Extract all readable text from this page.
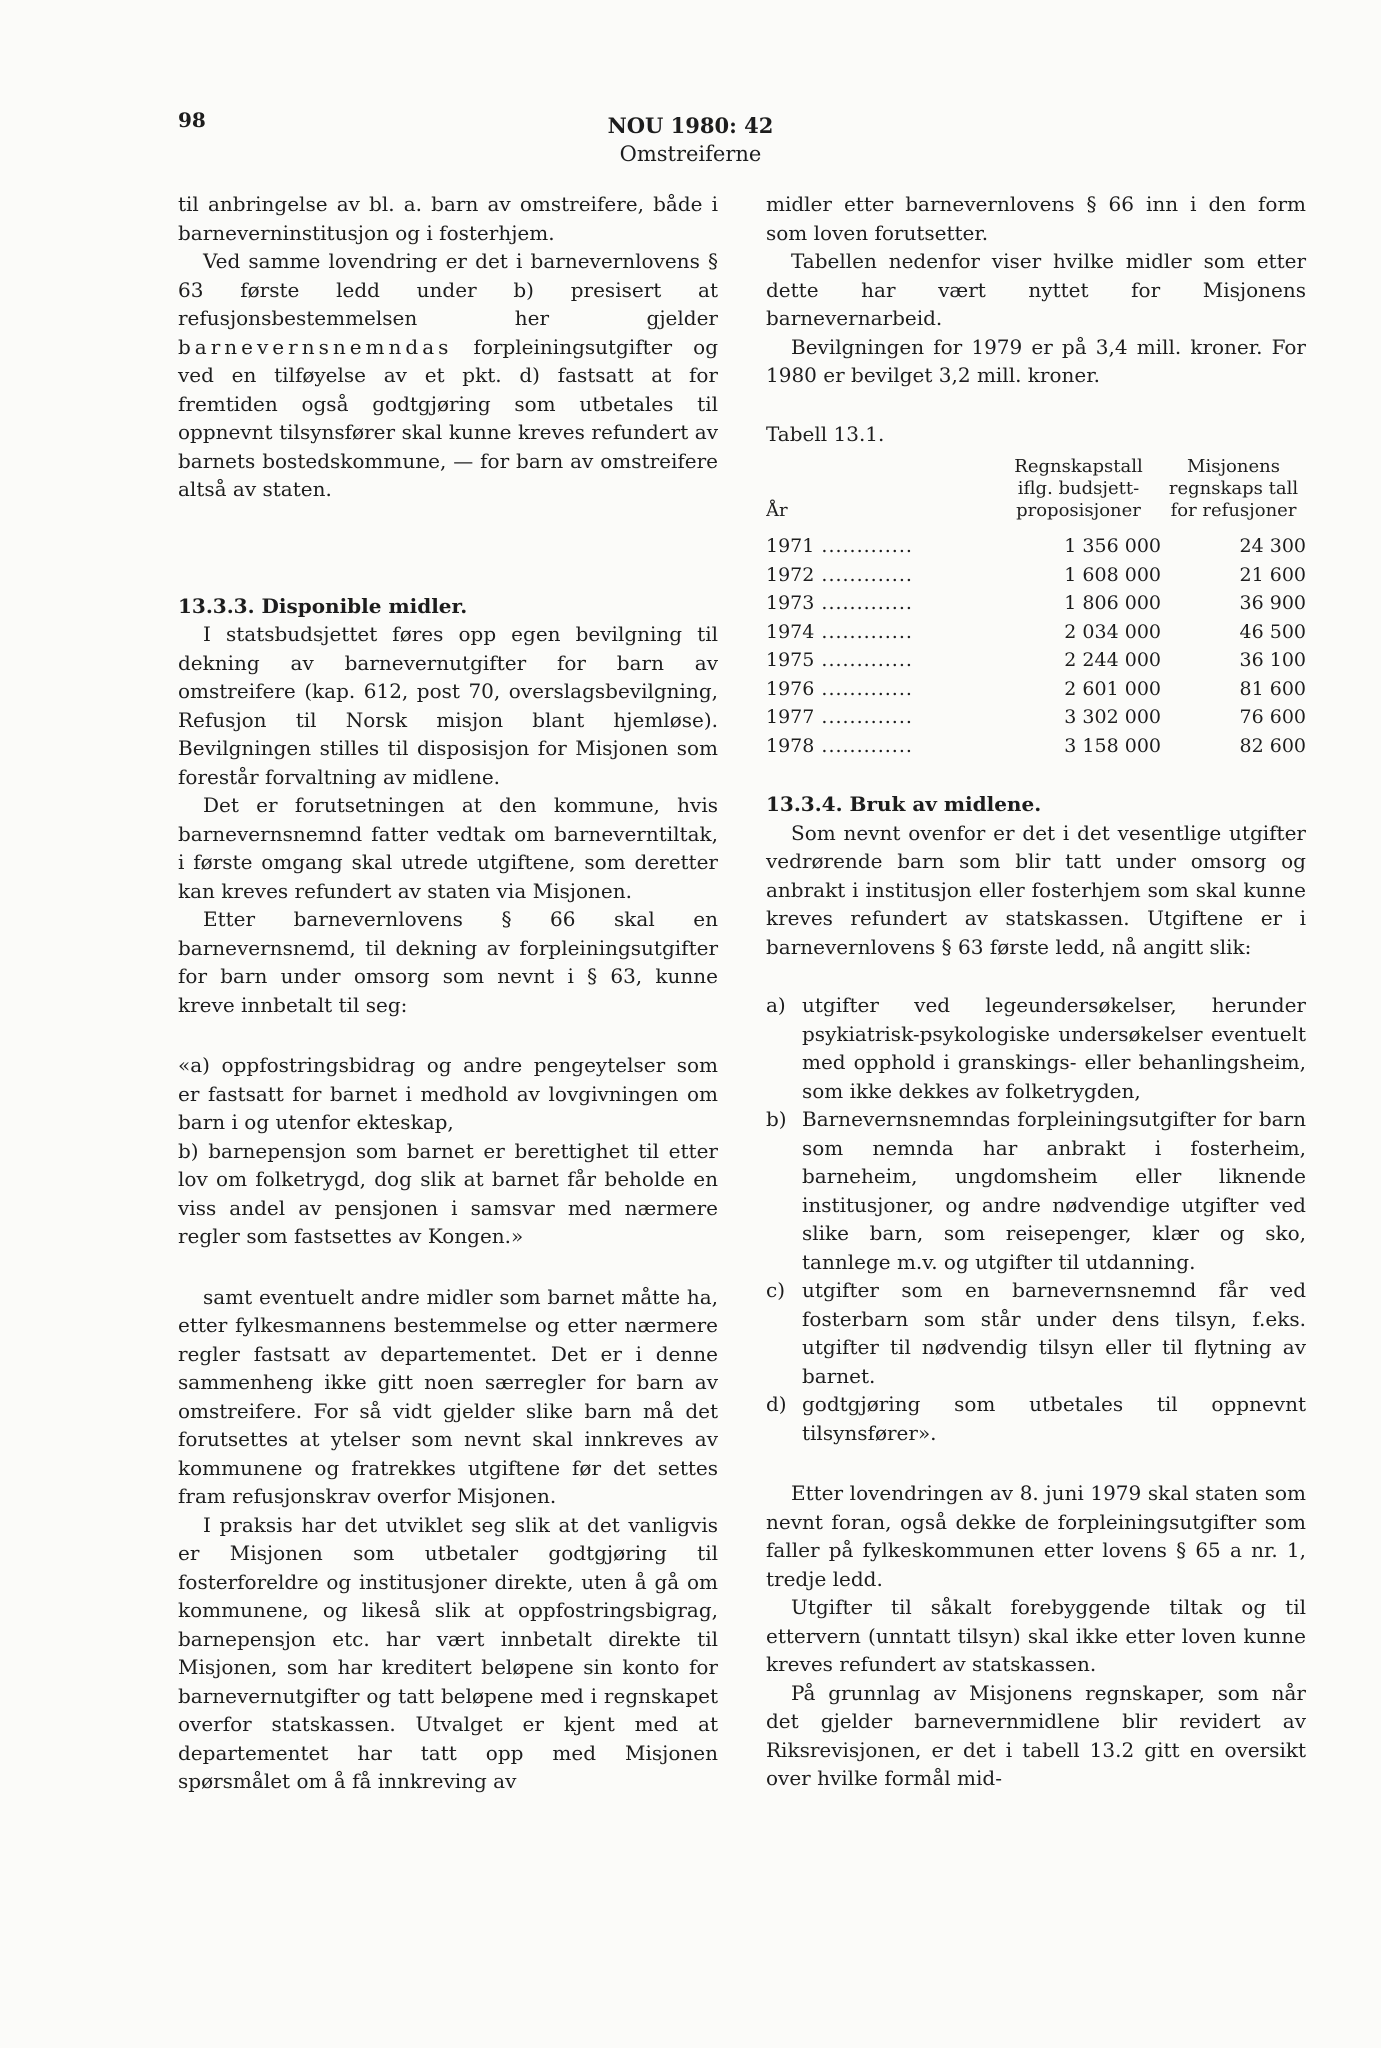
98	NOU 1980: 42
Omstreiferne

til anbringelse av bl. a. barn av omstreifere, både i barneverninstitusjon og i fosterhjem.

Ved samme lovendring er det i barnevernlovens § 63 første ledd under b) presisert at refusjonsbestemmelsen her gjelder barnevernsnemndas forpleiningsutgifter og ved en tilføyelse av et pkt. d) fastsatt at for fremtiden også godtgjøring som utbetales til oppnevnt tilsynsfører skal kunne kreves refundert av barnets bostedskommune, — for barn av omstreifere altså av staten.

13.3.3. Disponible midler.

I statsbudsjettet føres opp egen bevilgning til dekning av barnevernutgifter for barn av omstreifere (kap. 612, post 70, overslagsbevilgning, Refusjon til Norsk misjon blant hjemløse). Bevilgningen stilles til disposisjon for Misjonen som forestår forvaltning av midlene.

Det er forutsetningen at den kommune, hvis barnevernsnemnd fatter vedtak om barneverntiltak, i første omgang skal utrede utgiftene, som deretter kan kreves refundert av staten via Misjonen.

Etter barnevernlovens § 66 skal en barnevernsnemd, til dekning av forpleiningsutgifter for barn under omsorg som nevnt i § 63, kunne kreve innbetalt til seg:

«a) oppfostringsbidrag og andre pengeytelser som er fastsatt for barnet i medhold av lovgivningen om barn i og utenfor ekteskap,

b) barnepensjon som barnet er berettighet til etter lov om folketrygd, dog slik at barnet får beholde en viss andel av pensjonen i samsvar med nærmere regler som fastsettes av Kongen.»

samt eventuelt andre midler som barnet måtte ha, etter fylkesmannens bestemmelse og etter nærmere regler fastsatt av departementet. Det er i denne sammenheng ikke gitt noen særregler for barn av omstreifere. For så vidt gjelder slike barn må det forutsettes at ytelser som nevnt skal innkreves av kommunene og fratrekkes utgiftene før det settes fram refusjonskrav overfor Misjonen.

I praksis har det utviklet seg slik at det vanligvis er Misjonen som utbetaler godtgjøring til fosterforeldre og institusjoner direkte, uten å gå om kommunene, og likeså slik at oppfostringsbigrag, barnepensjon etc. har vært innbetalt direkte til Misjonen, som har kreditert beløpene sin konto for barnevernutgifter og tatt beløpene med i regnskapet overfor statskassen. Utvalget er kjent med at departementet har tatt opp med Misjonen spørsmålet om å få innkreving av

midler etter barnevernlovens § 66 inn i den form som loven forutsetter.

Tabellen nedenfor viser hvilke midler som etter dette har vært nyttet for Misjonens barnevernarbeid.

Bevilgningen for 1979 er på 3,4 mill. kroner. For 1980 er bevilget 3,2 mill. kroner.

Tabell 13.1.
År	Regnskapstall iflg. budsjett-proposisjoner	Misjonens regnskaps tall for refusjoner
1971 .....	1 356 000	24 300
1972 .....	1 608 000	21 600
1973 .....	1 806 000	36 900
1974 .....	2 034 000	46 500
1975 .....	2 244 000	36 100
1976 .....	2 601 000	81 600
1977 .....	3 302 000	76 600
1978 .....	3 158 000	82 600
13.3.4. Bruk av midlene.

Som nevnt ovenfor er det i det vesentlige utgifter vedrørende barn som blir tatt under omsorg og anbrakt i institusjon eller fosterhjem som skal kunne kreves refundert av statskassen. Utgiftene er i barnevernlovens § 63 første ledd, nå angitt slik:

a) utgifter ved legeundersøkelser, herunder psykiatrisk-psykologiske undersøkelser eventuelt med opphold i granskings- eller behanlingsheim, som ikke dekkes av folketrygden,
b) Barnevernsnemndas forpleiningsutgifter for barn som nemnda har anbrakt i fosterheim, barneheim, ungdomsheim eller liknende institusjoner, og andre nødvendige utgifter ved slike barn, som reisepenger, klær og sko, tannlege m.v. og utgifter til utdanning.
c) utgifter som en barnevernsnemnd får ved fosterbarn som står under dens tilsyn, f.eks. utgifter til nødvendig tilsyn eller til flytning av barnet.
d) godtgjøring som utbetales til oppnevnt tilsynsfører».

Etter lovendringen av 8. juni 1979 skal staten som nevnt foran, også dekke de forpleiningsutgifter som faller på fylkeskommunen etter lovens § 65 a nr. 1, tredje ledd.

Utgifter til såkalt forebyggende tiltak og til ettervern (unntatt tilsyn) skal ikke etter loven kunne kreves refundert av statskassen.

På grunnlag av Misjonens regnskaper, som når det gjelder barnevernmidlene blir revidert av Riksrevisjonen, er det i tabell 13.2 gitt en oversikt over hvilke formål mid-
